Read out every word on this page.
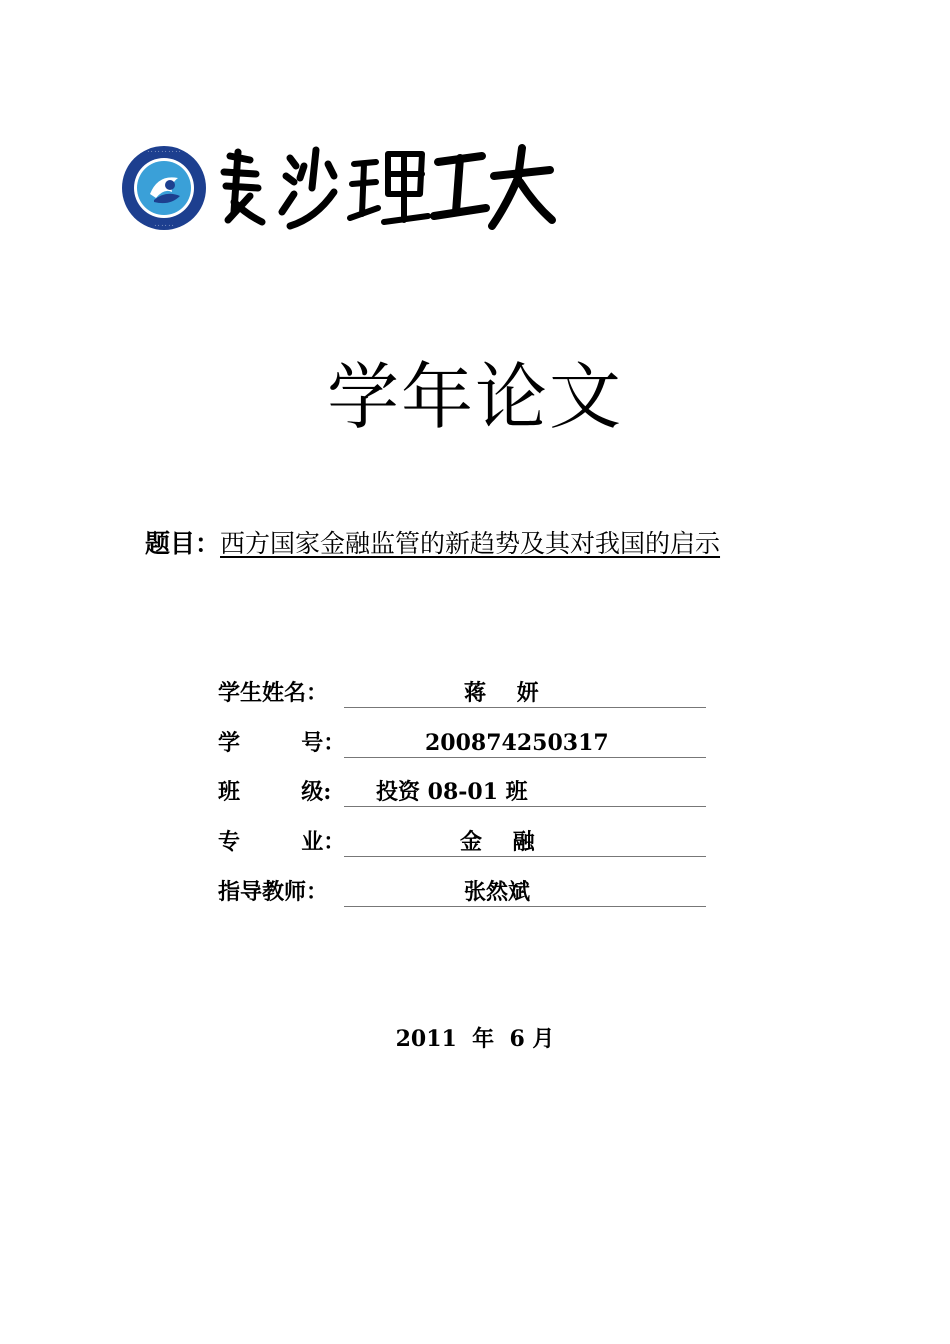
· · · · · · · · · ·
· · · · · ·
学年论文
题目：西方国家金融监管的新趋势及其对我国的启示
学生姓名：	蒋    妍
学        号：	200874250317
班        级: 投资 08-01 班
专        业：	金    融
指导教师：	张然斌
2011  年  6 月
